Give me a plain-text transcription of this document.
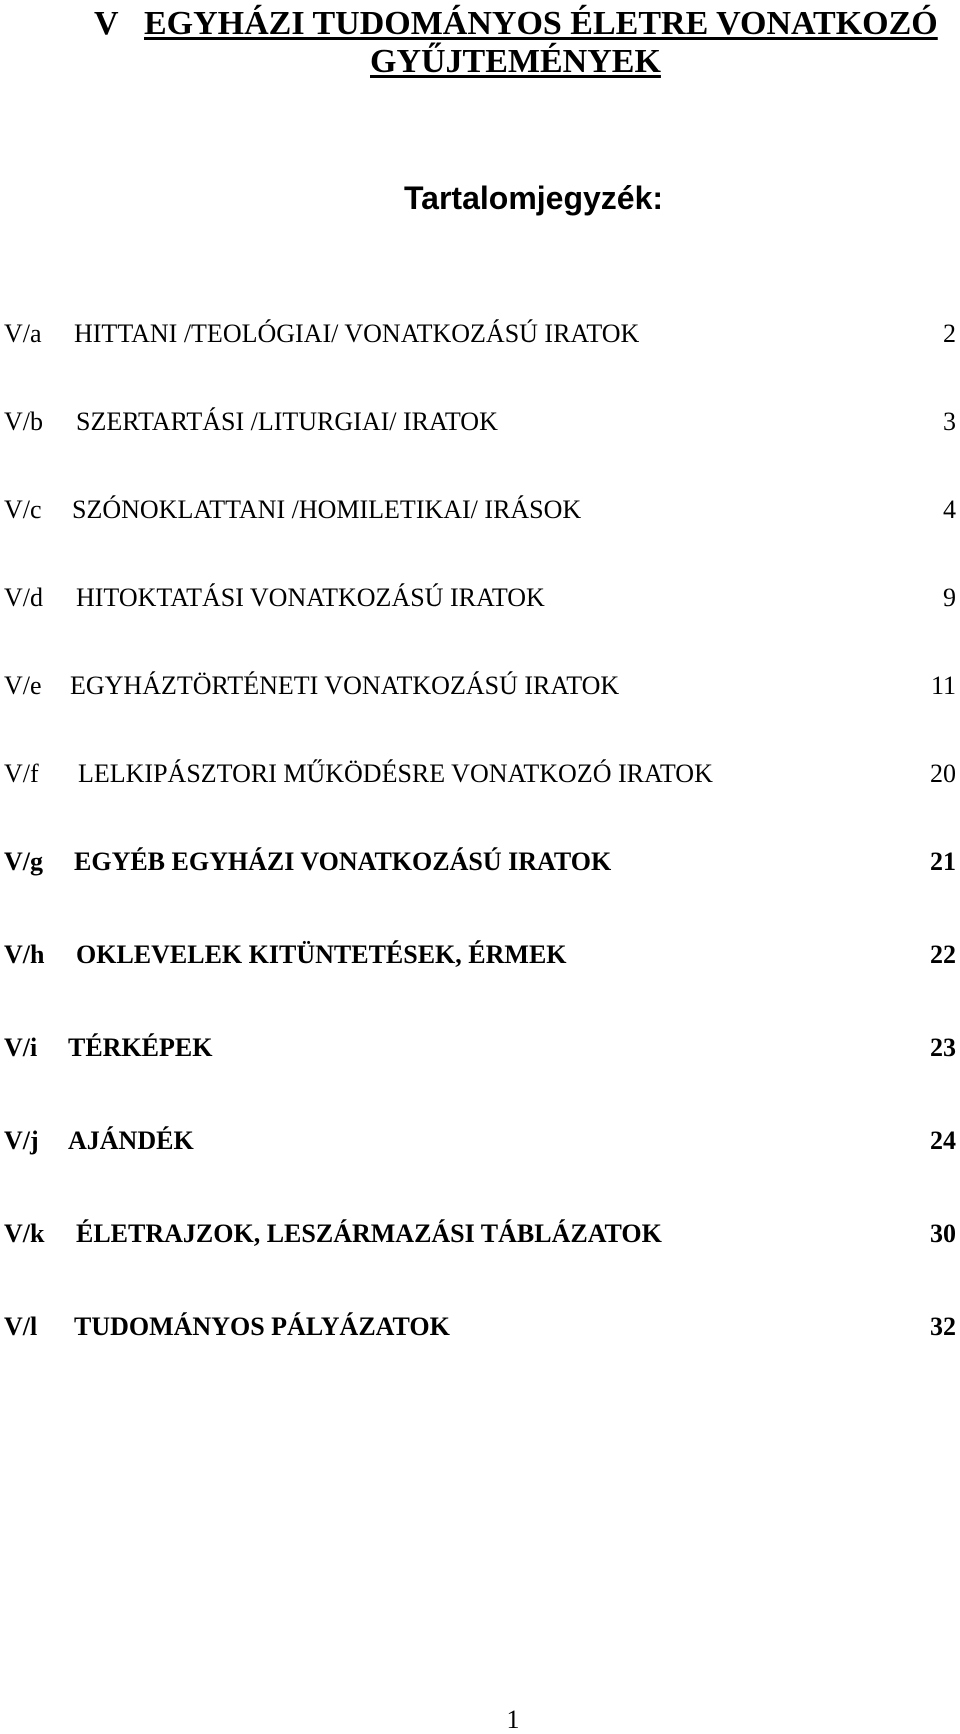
V EGYHÁZI TUDOMÁNYOS ÉLETRE VONATKOZÓ
GYŰJTEMÉNYEK
Tartalomjegyzék:
V/a HITTANI /TEOLÓGIAI/ VONATKOZÁSÚ IRATOK	2
V/b SZERTARTÁSI /LITURGIAI/ IRATOK	3
V/c SZÓNOKLATTANI /HOMILETIKAI/ IRÁSOK	4
V/d HITOKTATÁSI VONATKOZÁSÚ IRATOK	9
V/e EGYHÁZTÖRTÉNETI VONATKOZÁSÚ IRATOK	11
V/f LELKIPÁSZTORI MŰKÖDÉSRE VONATKOZÓ IRATOK	20
V/g EGYÉB EGYHÁZI VONATKOZÁSÚ IRATOK	21
V/h OKLEVELEK KITÜNTETÉSEK, ÉRMEK	22
V/i TÉRKÉPEK	23
V/j AJÁNDÉK	24
V/k ÉLETRAJZOK, LESZÁRMAZÁSI TÁBLÁZATOK	30
V/l TUDOMÁNYOS PÁLYÁZATOK	32
1
